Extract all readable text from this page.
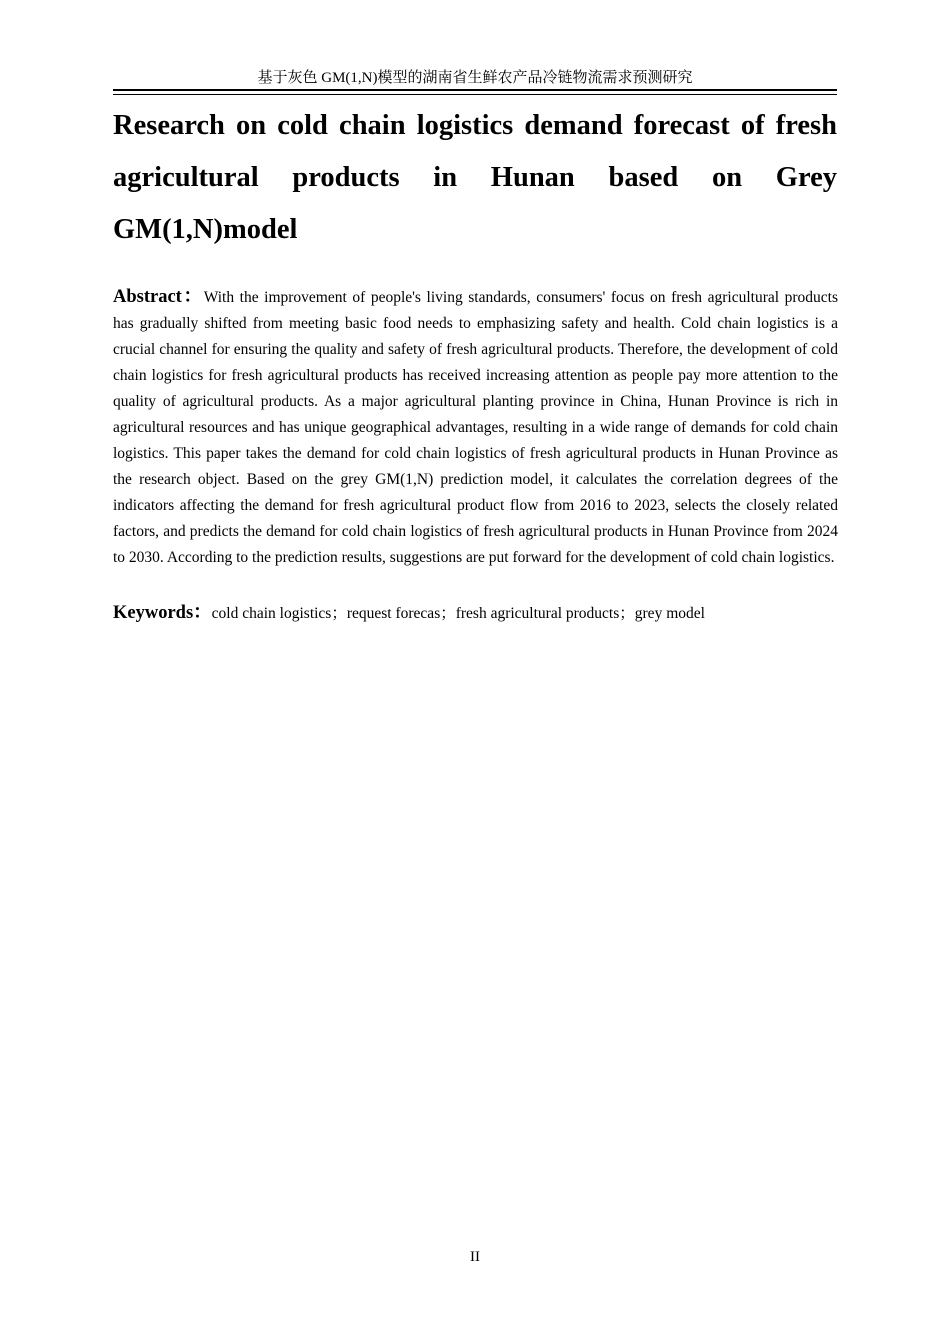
基于灰色 GM(1,N)模型的湖南省生鲜农产品冷链物流需求预测研究
Research on cold chain logistics demand forecast of fresh agricultural products in Hunan based on Grey GM(1,N)model

Abstract：With the improvement of people's living standards, consumers' focus on fresh agricultural products has gradually shifted from meeting basic food needs to emphasizing safety and health. Cold chain logistics is a crucial channel for ensuring the quality and safety of fresh agricultural products. Therefore, the development of cold chain logistics for fresh agricultural products has received increasing attention as people pay more attention to the quality of agricultural products. As a major agricultural planting province in China, Hunan Province is rich in agricultural resources and has unique geographical advantages, resulting in a wide range of demands for cold chain logistics. This paper takes the demand for cold chain logistics of fresh agricultural products in Hunan Province as the research object. Based on the grey GM(1,N) prediction model, it calculates the correlation degrees of the indicators affecting the demand for fresh agricultural product flow from 2016 to 2023, selects the closely related factors, and predicts the demand for cold chain logistics of fresh agricultural products in Hunan Province from 2024 to 2030. According to the prediction results, suggestions are put forward for the development of cold chain logistics.

Keywords：cold chain logistics；request forecas；fresh agricultural products；grey model

II
